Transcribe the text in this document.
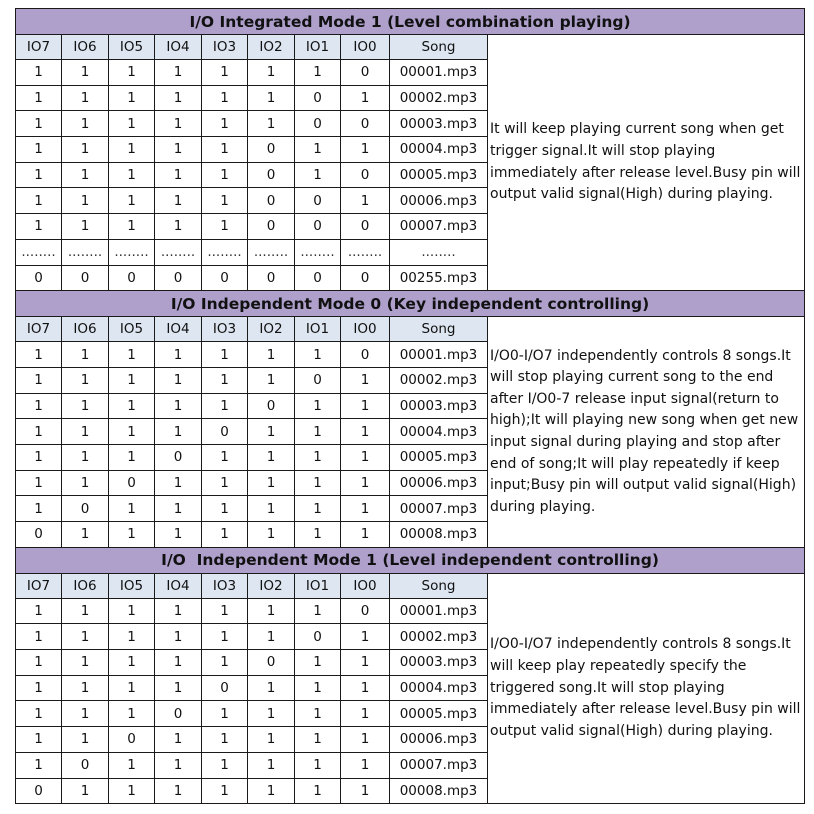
I/O Integrated Mode 1 (Level combination playing)									
IO7	IO6	IO5	IO4	IO3	IO2	IO1	IO0	Song	It will keep playing current song when get trigger signal.It will stop playing immediately after release level.Busy pin will output valid signal(High) during playing.
1	1	1	1	1	1	1	0	00001.mp3	
1	1	1	1	1	1	0	1	00002.mp3	
1	1	1	1	1	1	0	0	00003.mp3	
1	1	1	1	1	0	1	1	00004.mp3	
1	1	1	1	1	0	1	0	00005.mp3	
1	1	1	1	1	0	0	1	00006.mp3	
1	1	1	1	1	0	0	0	00007.mp3	
........	........	........	........	........	........	........	........	........	
0	0	0	0	0	0	0	0	00255.mp3	
I/O Independent Mode 0 (Key independent controlling)									
IO7	IO6	IO5	IO4	IO3	IO2	IO1	IO0	Song	I/O0-I/O7 independently controls 8 songs.It will stop playing current song to the end after I/O0-7 release input signal(return to high);It will playing new song when get new input signal during playing and stop after end of song;It will play repeatedly if keep input;Busy pin will output valid signal(High) during playing.
1	1	1	1	1	1	1	0	00001.mp3	
1	1	1	1	1	1	0	1	00002.mp3	
1	1	1	1	1	0	1	1	00003.mp3	
1	1	1	1	0	1	1	1	00004.mp3	
1	1	1	0	1	1	1	1	00005.mp3	
1	1	0	1	1	1	1	1	00006.mp3	
1	0	1	1	1	1	1	1	00007.mp3	
0	1	1	1	1	1	1	1	00008.mp3	
I/O  Independent Mode 1 (Level independent controlling)									
IO7	IO6	IO5	IO4	IO3	IO2	IO1	IO0	Song	I/O0-I/O7 independently controls 8 songs.It will keep play repeatedly specify the triggered song.It will stop playing immediately after release level.Busy pin will output valid signal(High) during playing.
1	1	1	1	1	1	1	0	00001.mp3	
1	1	1	1	1	1	0	1	00002.mp3	
1	1	1	1	1	0	1	1	00003.mp3	
1	1	1	1	0	1	1	1	00004.mp3	
1	1	1	0	1	1	1	1	00005.mp3	
1	1	0	1	1	1	1	1	00006.mp3	
1	0	1	1	1	1	1	1	00007.mp3	
0	1	1	1	1	1	1	1	00008.mp3	
